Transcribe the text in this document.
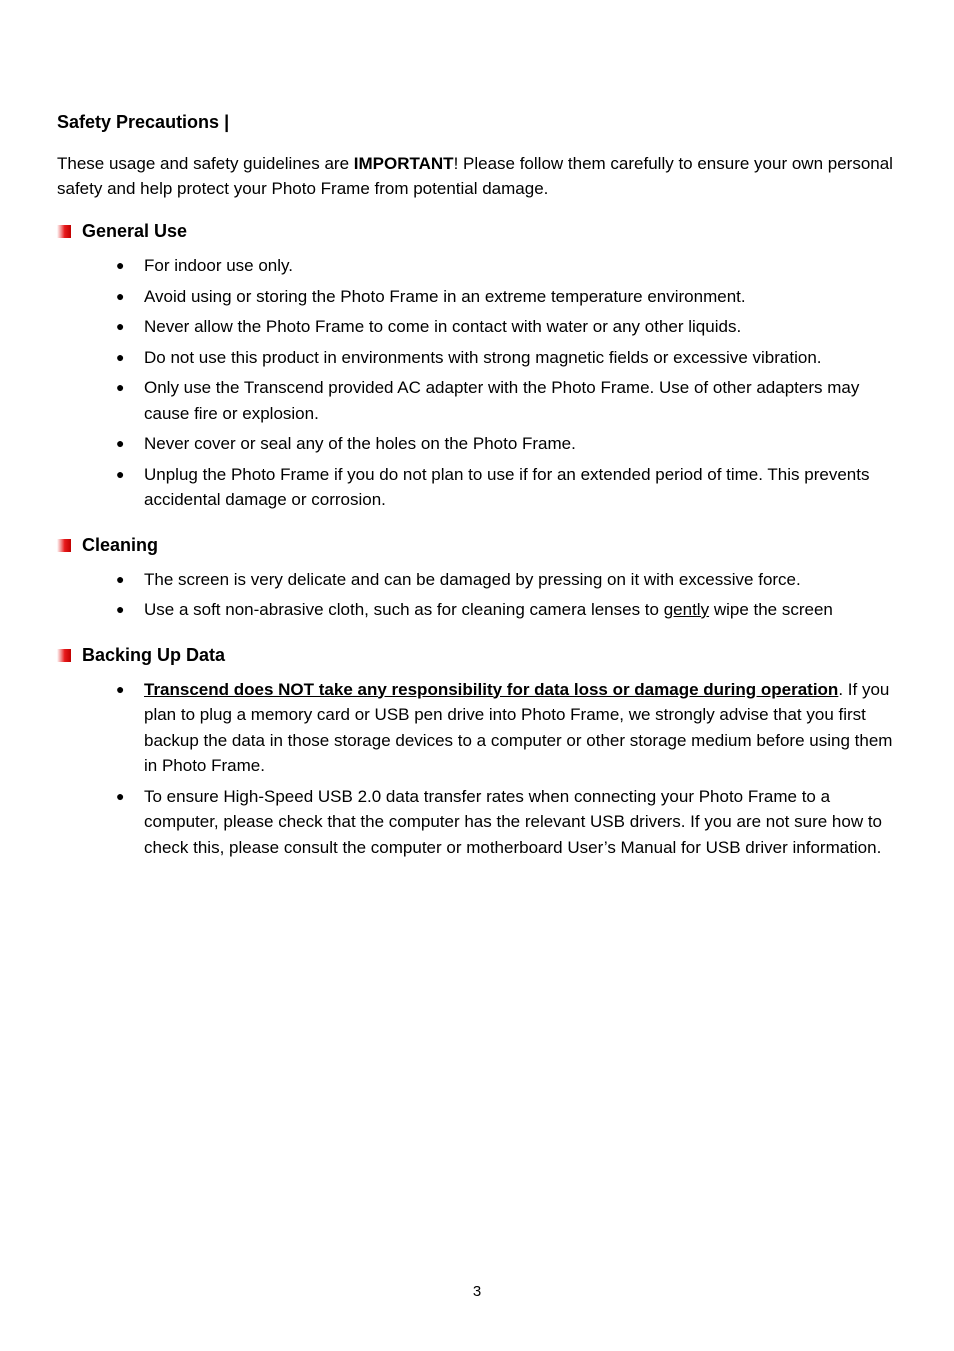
Safety Precautions |
These usage and safety guidelines are IMPORTANT! Please follow them carefully to ensure your own personal safety and help protect your Photo Frame from potential damage.
General Use
● For indoor use only.
● Avoid using or storing the Photo Frame in an extreme temperature environment.
● Never allow the Photo Frame to come in contact with water or any other liquids.
● Do not use this product in environments with strong magnetic fields or excessive vibration.
● Only use the Transcend provided AC adapter with the Photo Frame. Use of other adapters may cause fire or explosion.
● Never cover or seal any of the holes on the Photo Frame.
● Unplug the Photo Frame if you do not plan to use if for an extended period of time. This prevents accidental damage or corrosion.
Cleaning
● The screen is very delicate and can be damaged by pressing on it with excessive force.
● Use a soft non-abrasive cloth, such as for cleaning camera lenses to gently wipe the screen
Backing Up Data
● Transcend does NOT take any responsibility for data loss or damage during operation. If you plan to plug a memory card or USB pen drive into Photo Frame, we strongly advise that you first backup the data in those storage devices to a computer or other storage medium before using them in Photo Frame.
● To ensure High-Speed USB 2.0 data transfer rates when connecting your Photo Frame to a computer, please check that the computer has the relevant USB drivers. If you are not sure how to check this, please consult the computer or motherboard User’s Manual for USB driver information.
3
